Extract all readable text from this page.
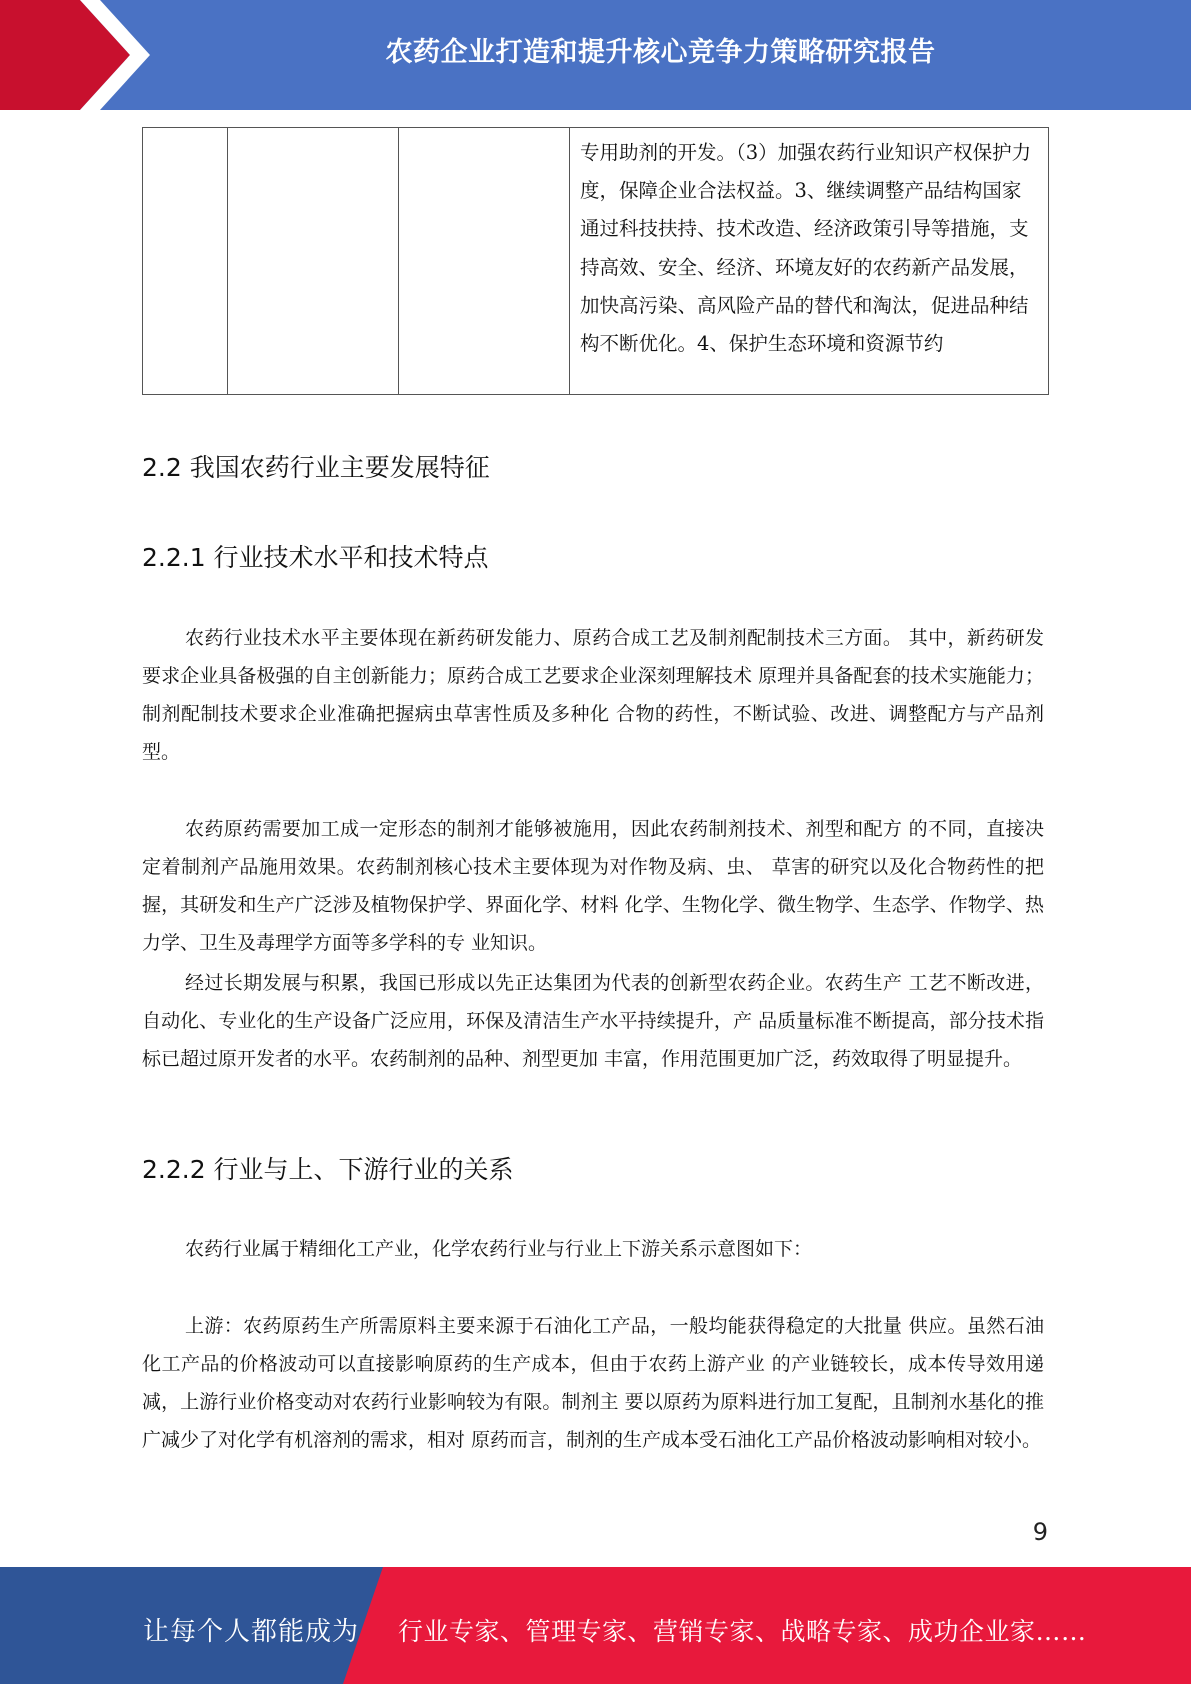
农药企业打造和提升核心竞争力策略研究报告
			专用助剂的开发。（3）加强农药行业知识产权保护力度，保障企业合法权益。3、继续调整产品结构国家通过科技扶持、技术改造、经济政策引导等措施，支持高效、安全、经济、环境友好的农药新产品发展，加快高污染、高风险产品的替代和淘汰，促进品种结构不断优化。4、保护生态环境和资源节约
2.2 我国农药行业主要发展特征
2.2.1 行业技术水平和技术特点

农药行业技术水平主要体现在新药研发能力、原药合成工艺及制剂配制技术三方面。 其中，新药研发要求企业具备极强的自主创新能力；原药合成工艺要求企业深刻理解技术 原理并具备配套的技术实施能力；制剂配制技术要求企业准确把握病虫草害性质及多种化 合物的药性，不断试验、改进、调整配方与产品剂型。

农药原药需要加工成一定形态的制剂才能够被施用，因此农药制剂技术、剂型和配方 的不同，直接决定着制剂产品施用效果。农药制剂核心技术主要体现为对作物及病、虫、 草害的研究以及化合物药性的把握，其研发和生产广泛涉及植物保护学、界面化学、材料 化学、生物化学、微生物学、生态学、作物学、热力学、卫生及毒理学方面等多学科的专 业知识。

经过长期发展与积累，我国已形成以先正达集团为代表的创新型农药企业。农药生产 工艺不断改进，自动化、专业化的生产设备广泛应用，环保及清洁生产水平持续提升，产 品质量标准不断提高，部分技术指标已超过原开发者的水平。农药制剂的品种、剂型更加 丰富，作用范围更加广泛，药效取得了明显提升。

2.2.2 行业与上、下游行业的关系

农药行业属于精细化工产业，化学农药行业与行业上下游关系示意图如下：

上游：农药原药生产所需原料主要来源于石油化工产品，一般均能获得稳定的大批量 供应。虽然石油化工产品的价格波动可以直接影响原药的生产成本，但由于农药上游产业 的产业链较长，成本传导效用递减，上游行业价格变动对农药行业影响较为有限。制剂主 要以原药为原料进行加工复配，且制剂水基化的推广减少了对化学有机溶剂的需求，相对 原药而言，制剂的生产成本受石油化工产品价格波动影响相对较小。

9
让每个人都能成为 行业专家、管理专家、营销专家、战略专家、成功企业家……
